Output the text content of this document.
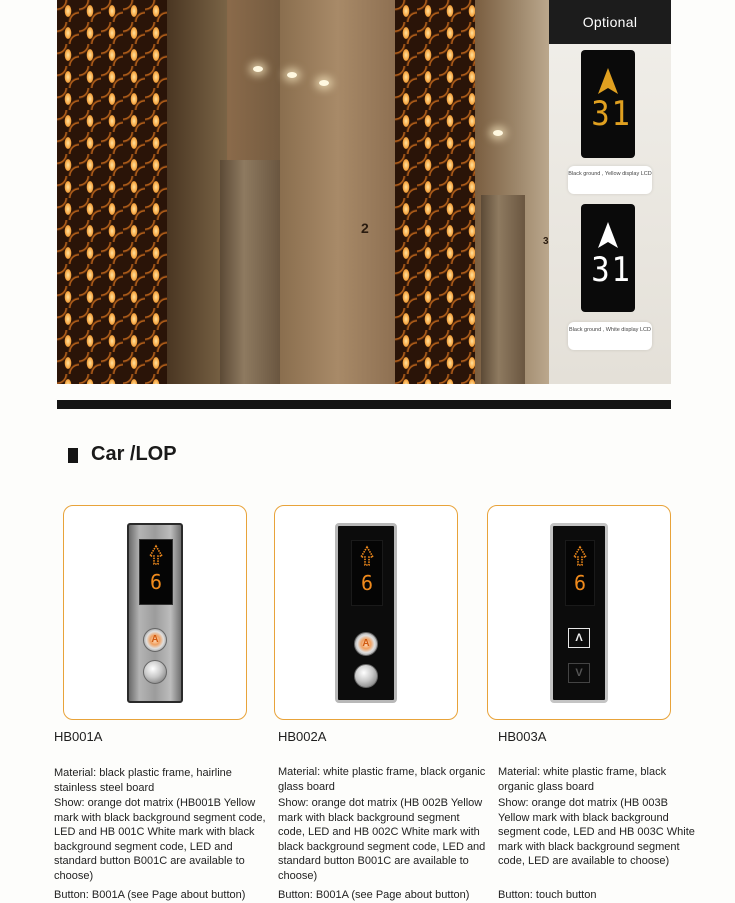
2
3
Optional
31
Black ground , Yellow display LCD
31
Black ground , White display LCD
Car /LOP
6
A
6
A
6
Λ
V
HB001A	HB002A	HB003A
Material: black plastic frame, hairline stainless steel board
Show: orange dot matrix (HB001B Yellow mark with black background segment code, LED and HB 001C White mark with black background segment code, LED and standard button B001C are available to choose)
Button: B001A (see Page about button)
Material: white plastic frame, black organic glass board
Show: orange dot matrix (HB 002B Yellow mark with black background segment code, LED and HB 002C White mark with black background segment code, LED and standard button B001C are available to choose)
Button: B001A (see Page about button)
Material: white plastic frame, black organic glass board
Show: orange dot matrix (HB 003B Yellow mark with black background segment code, LED and HB 003C White mark with black background segment code, LED are available to choose)
Button: touch button
